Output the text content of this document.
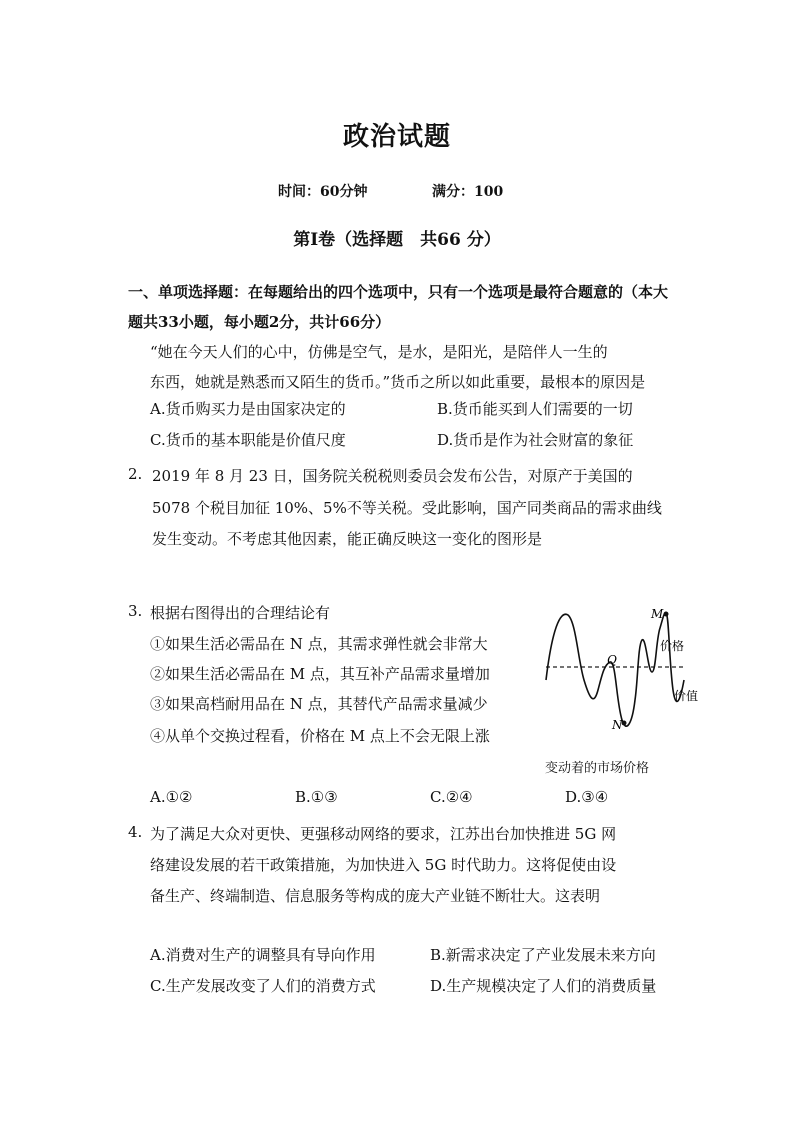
政治试题
时间：60分钟	满分：100
第Ⅰ卷（选择题　共66 分）
一、单项选择题：在每题给出的四个选项中，只有一个选项是最符合题意的（本大
题共33小题，每小题2分，共计66分）
“她在今天人们的心中，仿佛是空气，是水，是阳光，是陪伴人一生的
东西，她就是熟悉而又陌生的货币。”货币之所以如此重要，最根本的原因是
A.货币购买力是由国家决定的	B.货币能买到人们需要的一切
C.货币的基本职能是价值尺度	D.货币是作为社会财富的象征
2. 2019 年 8 月 23 日，国务院关税税则委员会发布公告，对原产于美国的
5078 个税目加征 10%、5%不等关税。受此影响，国产同类商品的需求曲线
发生变动。不考虑其他因素，能正确反映这一变化的图形是
3. 根据右图得出的合理结论有
①如果生活必需品在 N 点，其需求弹性就会非常大
②如果生活必需品在 M 点，其互补产品需求量增加
③如果高档耐用品在 N 点，其替代产品需求量减少
④从单个交换过程看，价格在 M 点上不会无限上涨
M
N
Q
价格
价值
变动着的市场价格
A.①②	B.①③	C.②④	D.③④
4. 为了满足大众对更快、更强移动网络的要求，江苏出台加快推进 5G 网
络建设发展的若干政策措施，为加快进入 5G 时代助力。这将促使由设
备生产、终端制造、信息服务等构成的庞大产业链不断壮大。这表明
A.消费对生产的调整具有导向作用	B.新需求决定了产业发展未来方向
C.生产发展改变了人们的消费方式	D.生产规模决定了人们的消费质量
